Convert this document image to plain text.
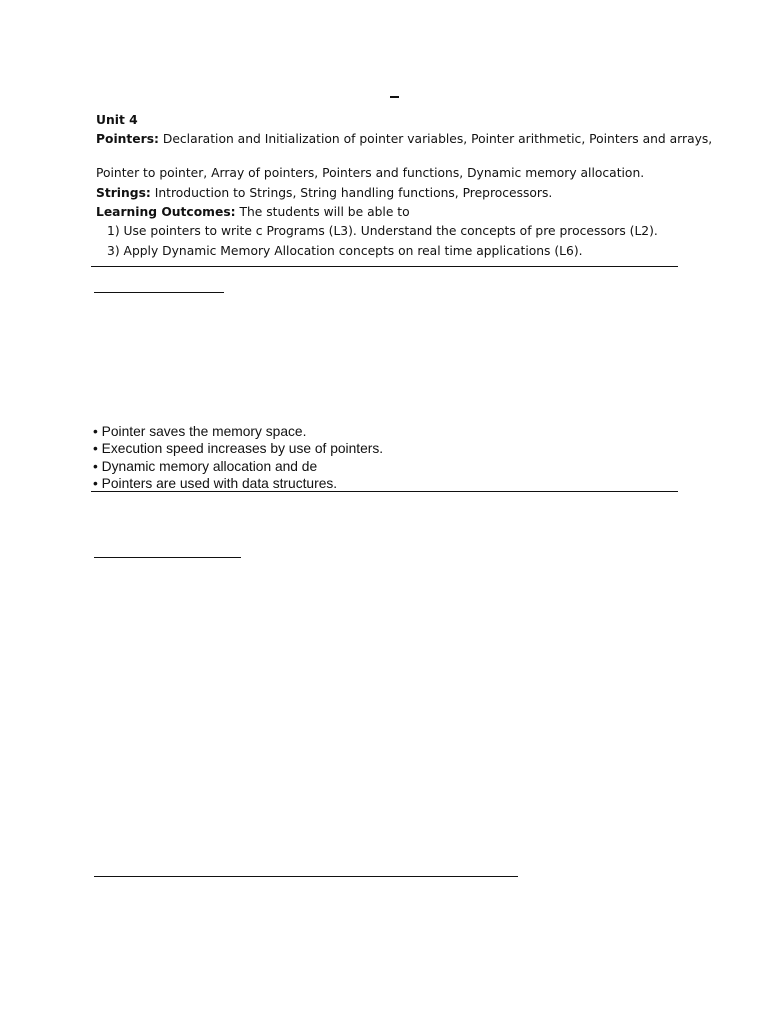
Unit 4
Pointers: Declaration and Initialization of pointer variables, Pointer arithmetic, Pointers and arrays,
Pointer to pointer, Array of pointers, Pointers and functions, Dynamic memory allocation.
Strings: Introduction to Strings, String handling functions, Preprocessors.
Learning Outcomes: The students will be able to
1) Use pointers to write c Programs (L3). Understand the concepts of pre processors (L2).
3) Apply Dynamic Memory Allocation concepts on real time applications (L6).
• Pointer saves the memory space.
• Execution speed increases by use of pointers.
• Dynamic memory allocation and de
• Pointers are used with data structures.
